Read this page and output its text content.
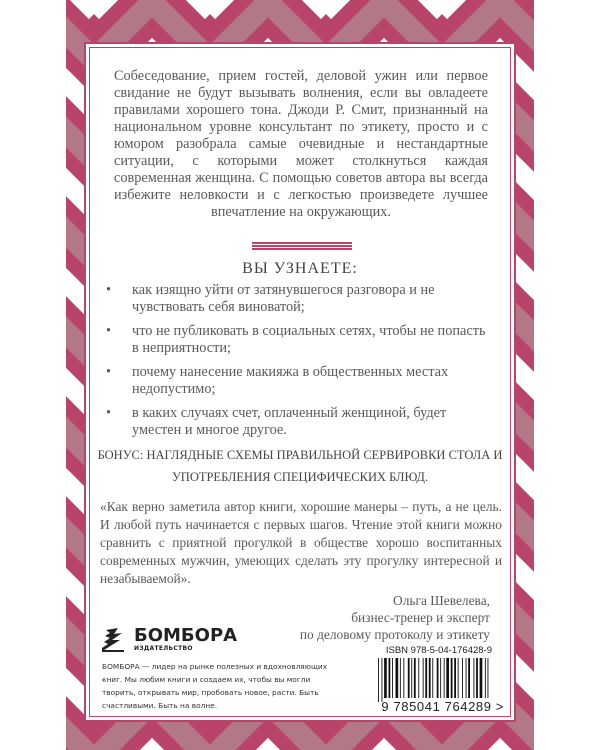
Собеседование, прием гостей, деловой ужин или первое свидание не будут вызывать волнения, если вы овладеете правилами хорошего тона. Джоди Р. Смит, признанный на национальном уровне консультант по этикету, просто и с юмором разобрала самые очевидные и нестандартные ситуации, с которыми может столкнуться каждая современная женщина. С помощью советов автора вы всегда избежите неловкости и с легкостью произведете лучшее впечатление на окружающих.
ВЫ УЗНАЕТЕ:
• как изящно уйти от затянувшегося разговора и не чувствовать себя виноватой;
• что не публиковать в социальных сетях, чтобы не попасть в неприятности;
• почему нанесение макияжа в общественных местах недопустимо;
• в каких случаях счет, оплаченный женщиной, будет уместен и многое другое.
БОНУС: НАГЛЯДНЫЕ СХЕМЫ ПРАВИЛЬНОЙ СЕРВИРОВКИ СТОЛА И УПОТРЕБЛЕНИЯ СПЕЦИФИЧЕСКИХ БЛЮД.
«Как верно заметила автор книги, хорошие манеры – путь, а не цель. И любой путь начинается с первых шагов. Чтение этой книги можно сравнить с приятной прогулкой в обществе хорошо воспитанных современных мужчин, умеющих сделать эту прогулку интересной и незабываемой».
Ольга Шевелева,
бизнес-тренер и эксперт
по деловому протоколу и этикету
БОМБОРА
ИЗДАТЕЛЬСТВО
БОМБОРА — лидер на рынке полезных и вдохновляющих книг. Мы любим книги и создаем их, чтобы вы могли творить, открывать мир, пробовать новое, расти. Быть счастливыми. Быть на волне.
ISBN 978-5-04-176428-9
9 785041 764289 >
